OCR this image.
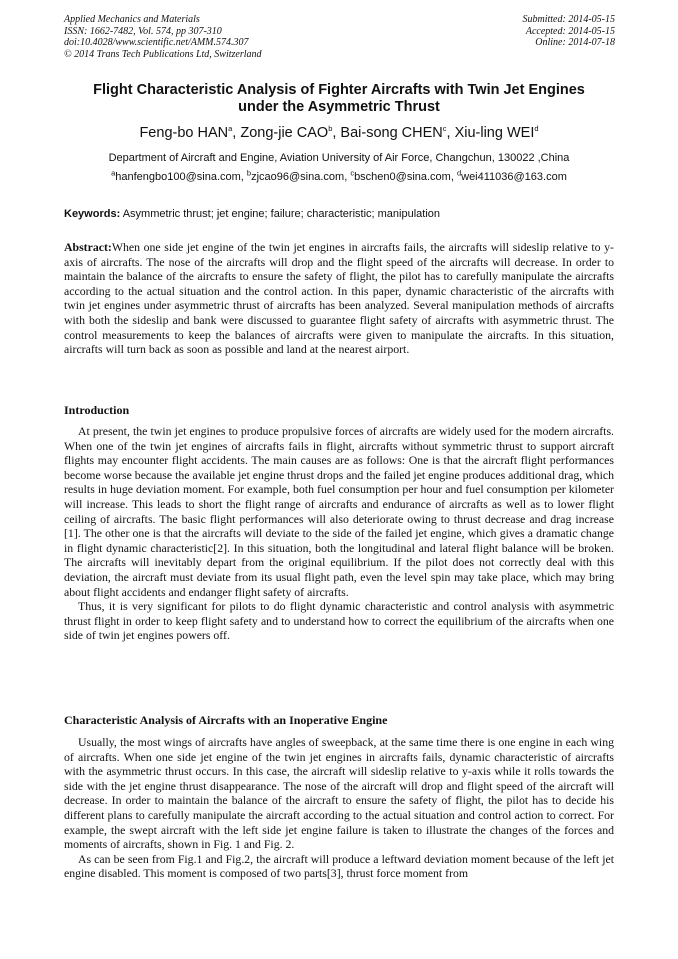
Applied Mechanics and Materials
ISSN: 1662-7482, Vol. 574, pp 307-310
doi:10.4028/www.scientific.net/AMM.574.307
© 2014 Trans Tech Publications Ltd, Switzerland
Submitted: 2014-05-15
Accepted: 2014-05-15
Online: 2014-07-18
Flight Characteristic Analysis of Fighter Aircrafts with Twin Jet Engines
under the Asymmetric Thrust
Feng-bo HAN$^a$, Zong-jie CAO$^b$, Bai-song CHEN$^c$, Xiu-ling WEI$^d$
Department of Aircraft and Engine, Aviation University of Air Force, Changchun, 130022 ,China
$^a$hanfengbo100@sina.com, $^b$zjcao96@sina.com, $^c$bschen0@sina.com, $^d$wei411036@163.com
Keywords: Asymmetric thrust; jet engine; failure; characteristic; manipulation

Abstract:When one side jet engine of the twin jet engines in aircrafts fails, the aircrafts will sideslip relative to y-axis of aircrafts. The nose of the aircrafts will drop and the flight speed of the aircrafts will decrease. In order to maintain the balance of the aircrafts to ensure the safety of flight, the pilot has to carefully manipulate the aircrafts according to the actual situation and the control action. In this paper, dynamic characteristic of the aircrafts with twin jet engines under asymmetric thrust of aircrafts has been analyzed. Several manipulation methods of aircrafts with both the sideslip and bank were discussed to guarantee flight safety of aircrafts with asymmetric thrust. The control measurements to keep the balances of aircrafts were given to manipulate the aircrafts. In this situation, aircrafts will turn back as soon as possible and land at the nearest airport.

Introduction

At present, the twin jet engines to produce propulsive forces of aircrafts are widely used for the modern aircrafts. When one of the twin jet engines of aircrafts fails in flight, aircrafts without symmetric thrust to support aircraft flights may encounter flight accidents. The main causes are as follows: One is that the aircraft flight performances become worse because the available jet engine thrust drops and the failed jet engine produces additional drag, which results in huge deviation moment. For example, both fuel consumption per hour and fuel consumption per kilometer will increase. This leads to short the flight range of aircrafts and endurance of aircrafts as well as to lower flight ceiling of aircrafts. The basic flight performances will also deteriorate owing to thrust decrease and drag increase [1]. The other one is that the aircrafts will deviate to the side of the failed jet engine, which gives a dramatic change in flight dynamic characteristic[2]. In this situation, both the longitudinal and lateral flight balance will be broken. The aircrafts will inevitably depart from the original equilibrium. If the pilot does not correctly deal with this deviation, the aircraft must deviate from its usual flight path, even the level spin may take place, which may bring about flight accidents and endanger flight safety of aircrafts.

Thus, it is very significant for pilots to do flight dynamic characteristic and control analysis with asymmetric thrust flight in order to keep flight safety and to understand how to correct the equilibrium of the aircrafts when one side of twin jet engines powers off.

Characteristic Analysis of Aircrafts with an Inoperative Engine

Usually, the most wings of aircrafts have angles of sweepback, at the same time there is one engine in each wing of aircrafts. When one side jet engine of the twin jet engines in aircrafts fails, dynamic characteristic of aircrafts with the asymmetric thrust occurs. In this case, the aircraft will sideslip relative to y-axis while it rolls towards the side with the jet engine thrust disappearance. The nose of the aircraft will drop and flight speed of the aircraft will decrease. In order to maintain the balance of the aircraft to ensure the safety of flight, the pilot has to decide his different plans to carefully manipulate the aircraft according to the actual situation and control action to correct. For example, the swept aircraft with the left side jet engine failure is taken to illustrate the changes of the forces and moments of aircrafts, shown in Fig. 1 and Fig. 2.

As can be seen from Fig.1 and Fig.2, the aircraft will produce a leftward deviation moment because of the left jet engine disabled. This moment is composed of two parts[3], thrust force moment from
